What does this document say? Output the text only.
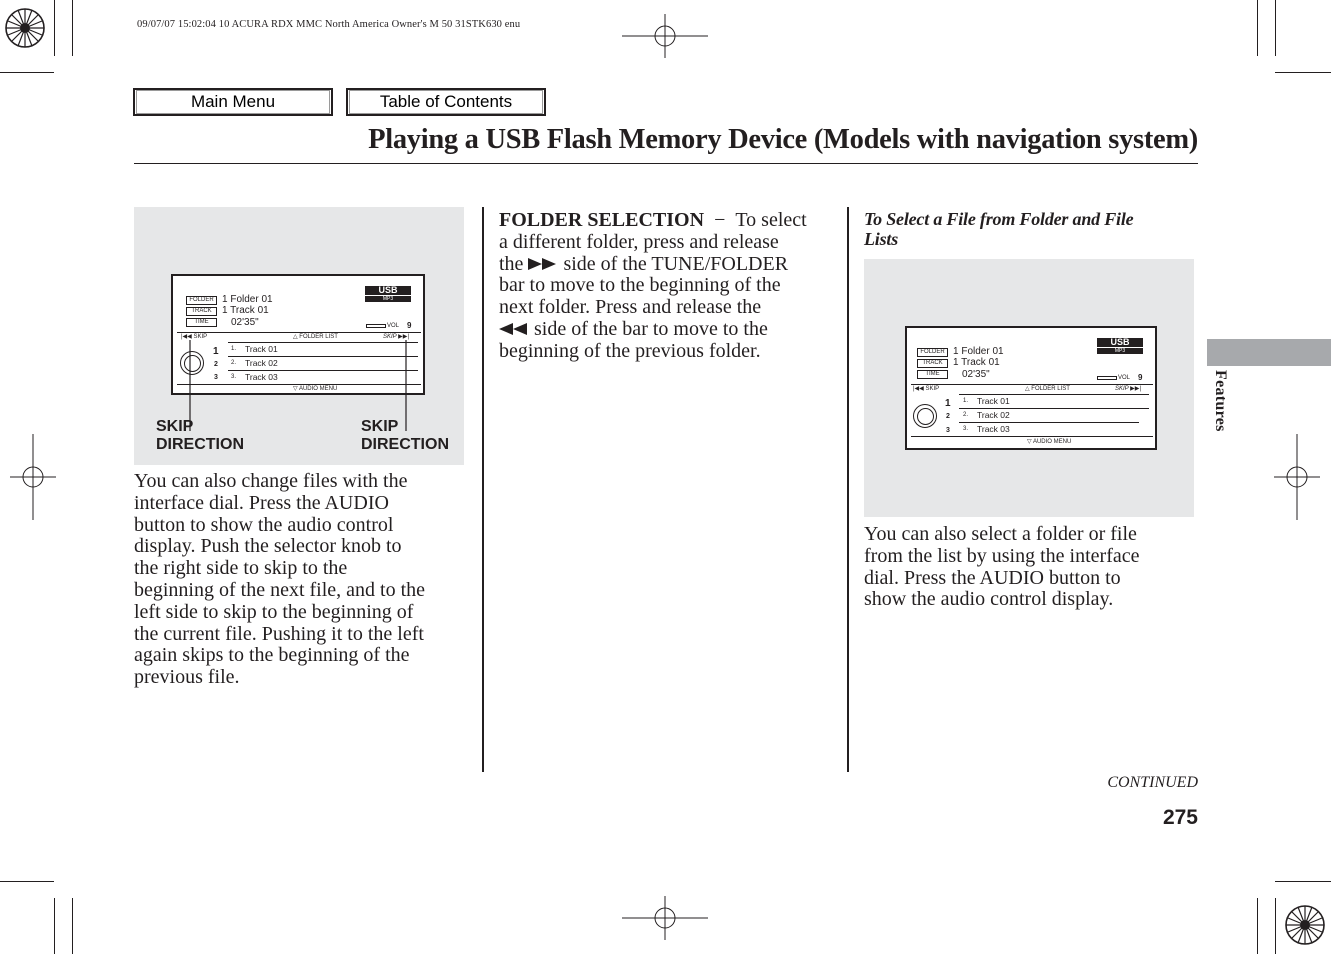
09/07/07 15:02:04 10 ACURA RDX MMC North America Owner's M 50 31STK630 enu
Main Menu	Table of Contents
Playing a USB Flash Memory Device (Models with navigation system)
FOLDER
TRACK
TIME
1 Folder 01
1 Track 01
02'35"
USB
MP3
VOL 9
|◀◀ SKIP	△ FOLDER LIST	SKIP ▶▶|
1
2
3
1. Track 01
2. Track 02
3. Track 03
▽ AUDIO MENU
SKIP
DIRECTION
SKIP
DIRECTION
You can also change files with the
interface dial. Press the AUDIO
button to show the audio control
display. Push the selector knob to
the right side to skip to the
beginning of the next file, and to the
left side to skip to the beginning of
the current file. Pushing it to the left
again skips to the beginning of the
previous file.
FOLDER SELECTION − To select
a different folder, press and release
the side of the TUNE/FOLDER
bar to move to the beginning of the
next folder. Press and release the
side of the bar to move to the
beginning of the previous folder.
To Select a File from Folder and File
Lists
FOLDER
TRACK
TIME
1 Folder 01
1 Track 01
02'35"
USB
MP3
VOL 9
|◀◀ SKIP	△ FOLDER LIST	SKIP ▶▶|
1
2
3
1. Track 01
2. Track 02
3. Track 03
▽ AUDIO MENU
You can also select a folder or file
from the list by using the interface
dial. Press the AUDIO button to
show the audio control display.
Features
CONTINUED
275
